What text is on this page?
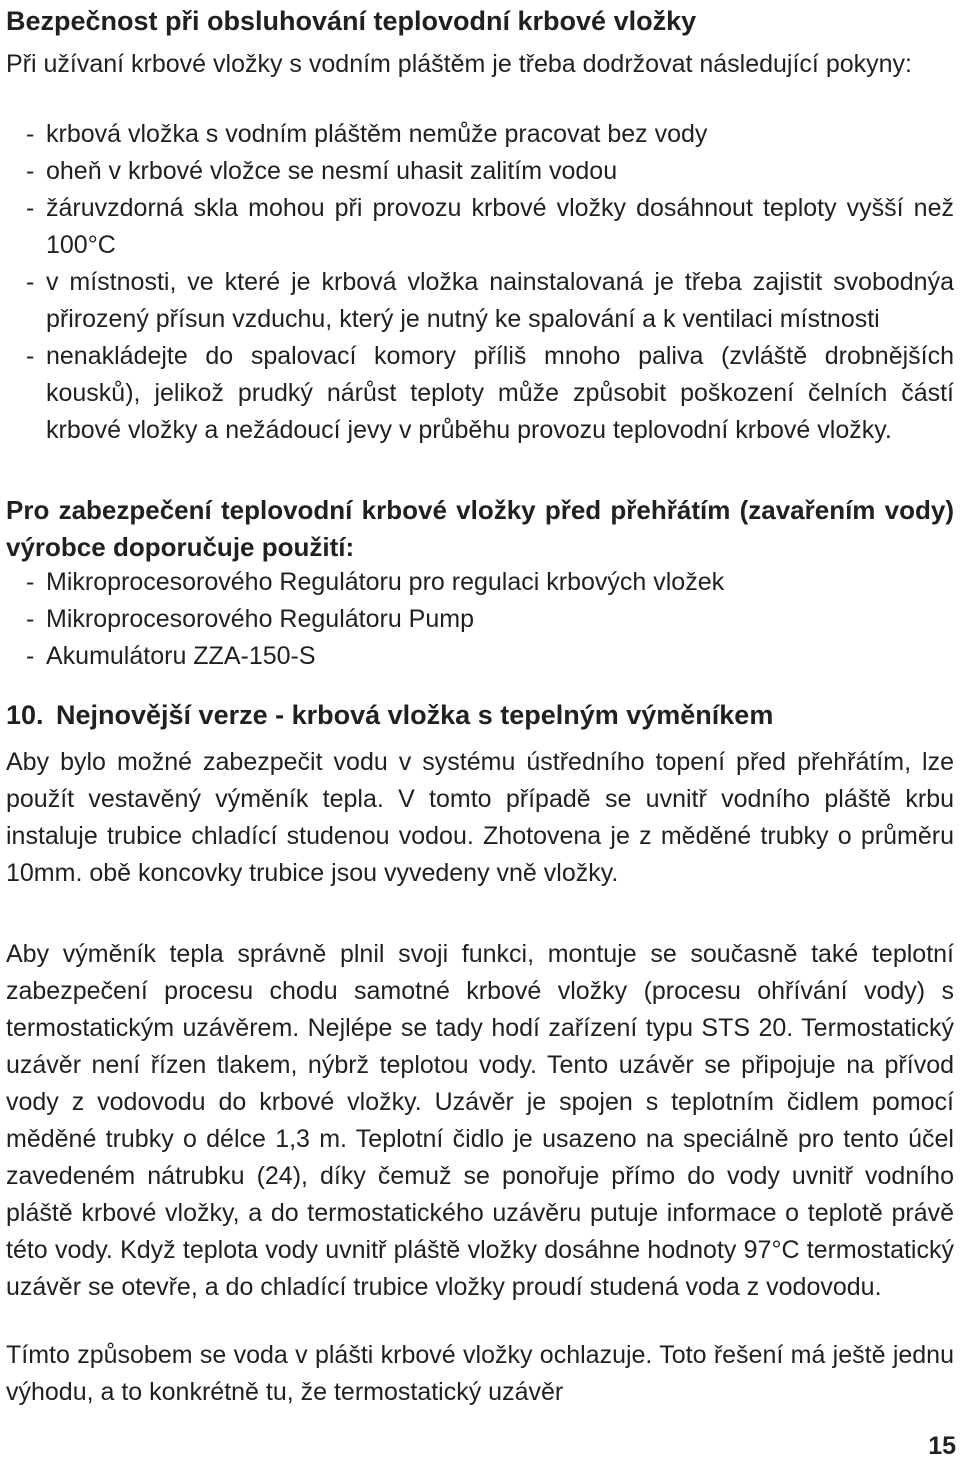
Bezpečnost při obsluhování teplovodní krbové vložky
Při užívaní krbové vložky s vodním pláštěm je třeba dodržovat následující pokyny:
- krbová vložka s vodním pláštěm nemůže pracovat bez vody
- oheň v krbové vložce se nesmí uhasit zalitím vodou
- žáruvzdorná skla mohou při provozu krbové vložky dosáhnout teploty vyšší než 100°C
- v místnosti, ve které je krbová vložka nainstalovaná je třeba zajistit svobodnýa přirozený přísun vzduchu, který je nutný ke spalování a k ventilaci místnosti
- nenakládejte do spalovací komory příliš mnoho paliva (zvláště drobnějších kousků), jelikož prudký nárůst teploty může způsobit poškození čelních částí krbové vložky a nežádoucí jevy v průběhu provozu teplovodní krbové vložky.
Pro zabezpečení teplovodní krbové vložky před přehřátím (zavařením vody) výrobce doporučuje použití:
- Mikroprocesorového Regulátoru pro regulaci krbových vložek
- Mikroprocesorového Regulátoru Pump
- Akumulátoru ZZA-150-S
10. Nejnovější verze - krbová vložka s tepelným výměníkem
Aby bylo možné zabezpečit vodu v systému ústředního topení před přehřátím, lze použít vestavěný výměník tepla. V tomto případě se uvnitř vodního pláště krbu instaluje trubice chladící studenou vodou. Zhotovena je z měděné trubky o průměru 10mm. obě koncovky trubice jsou vyvedeny vně vložky.
Aby výměník tepla správně plnil svoji funkci, montuje se současně také teplotní zabezpečení procesu chodu samotné krbové vložky (procesu ohřívání vody) s termostatickým uzávěrem. Nejlépe se tady hodí zařízení typu STS 20. Termostatický uzávěr není řízen tlakem, nýbrž teplotou vody. Tento uzávěr se připojuje na přívod vody z vodovodu do krbové vložky. Uzávěr je spojen s teplotním čidlem pomocí měděné trubky o délce 1,3 m. Teplotní čidlo je usazeno na speciálně pro tento účel zavedeném nátrubku (24), díky čemuž se ponořuje přímo do vody uvnitř vodního pláště krbové vložky, a do termostatického uzávěru putuje informace o teplotě právě této vody. Když teplota vody uvnitř pláště vložky dosáhne hodnoty 97°C termostatický uzávěr se otevře, a do chladící trubice vložky proudí studená voda z vodovodu.
Tímto způsobem se voda v plášti krbové vložky ochlazuje. Toto řešení má ještě jednu výhodu, a to konkrétně tu, že termostatický uzávěr
15
